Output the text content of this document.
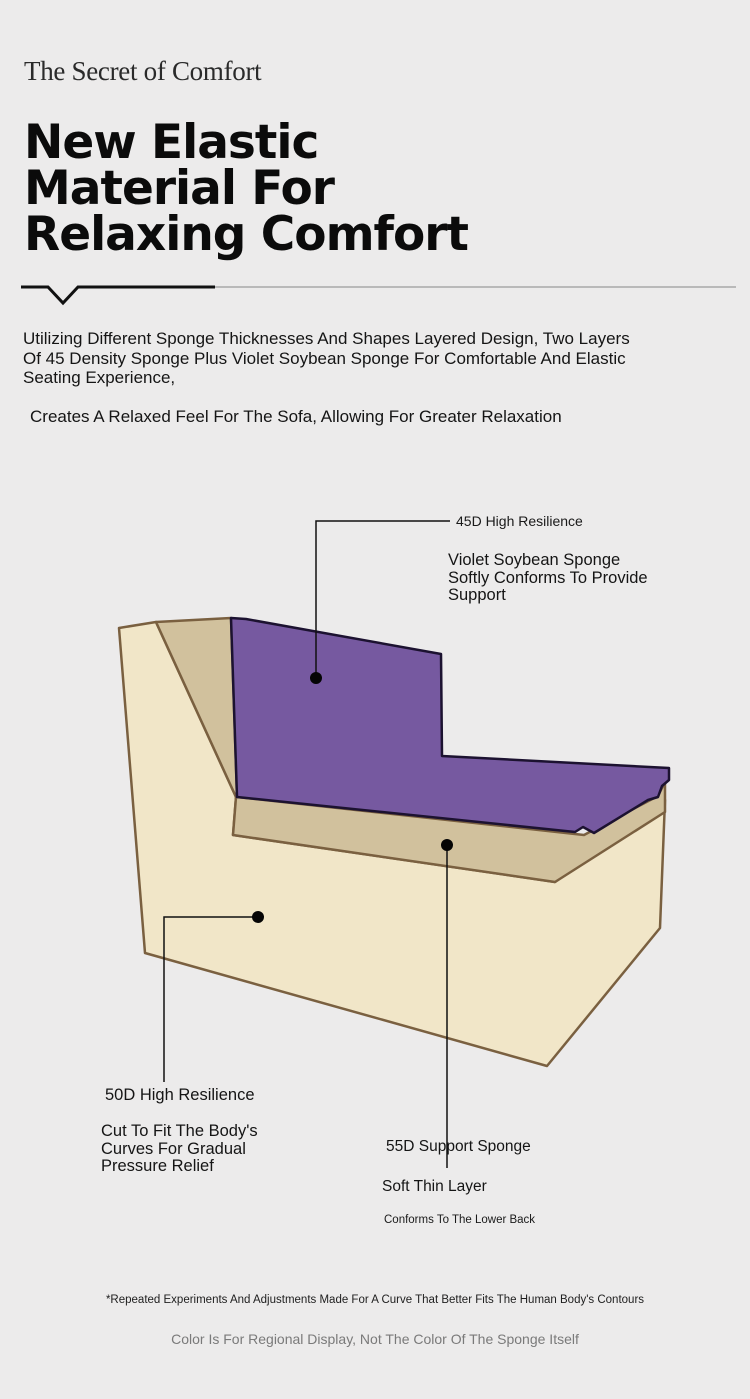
The Secret of Comfort
New Elastic
Material For
Relaxing Comfort
Utilizing Different Sponge Thicknesses And Shapes Layered Design, Two Layers Of 45 Density Sponge Plus Violet Soybean Sponge For Comfortable And Elastic Seating Experience,
Creates A Relaxed Feel For The Sofa, Allowing For Greater Relaxation
45D High Resilience
Violet Soybean Sponge Softly Conforms To Provide Support
50D High Resilience
Cut To Fit The Body's Curves For Gradual Pressure Relief
55D Support Sponge
Soft Thin Layer
Conforms To The Lower Back
*Repeated Experiments And Adjustments Made For A Curve That Better Fits The Human Body's Contours
Color Is For Regional Display, Not The Color Of The Sponge Itself
